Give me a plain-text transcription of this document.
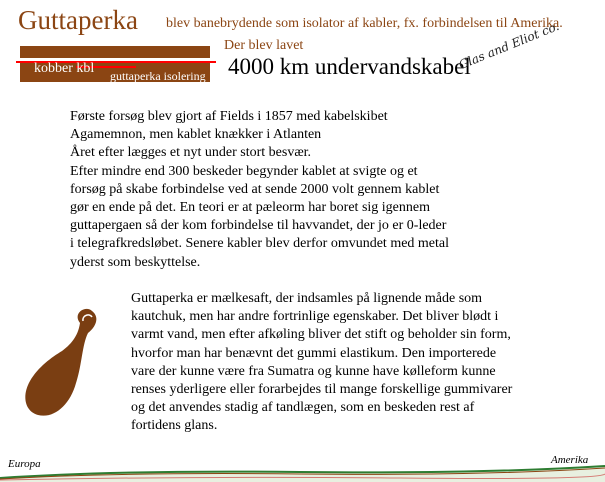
Guttaperka blev banebrydende som isolator af kabler, fx. forbindelsen til Amerika.
Der blev lavet
4000 km undervandskabel
Glas and Eliot co.
kobber kbl guttaperka isolering
Første forsøg blev gjort af Fields i 1857 med kabelskibet
Agamemnon, men kablet knækker i Atlanten
Året efter lægges et nyt under stort besvær.
Efter mindre end 300 beskeder begynder kablet at svigte og et
forsøg på skabe forbindelse ved at sende 2000 volt gennem kablet
gør en ende på det. En teori er at pæleorm har boret sig igennem
guttapergaen så der kom forbindelse til havvandet, der jo er 0-leder
i telegrafkredsløbet. Senere kabler blev derfor omvundet med metal
yderst som beskyttelse.
Guttaperka er mælkesaft, der indsamles på lignende måde som
kautchuk, men har andre fortrinlige egenskaber. Det bliver blødt i
varmt vand, men efter afkøling bliver det stift og beholder sin form,
hvorfor man har benævnt det gummi elastikum. Den importerede
vare der kunne være fra Sumatra og kunne have kølleform kunne
renses yderligere eller forarbejdes til mange forskellige gummivarer
og det anvendes stadig af tandlægen, som en beskeden rest af
fortidens glans.
Europa	Amerika
